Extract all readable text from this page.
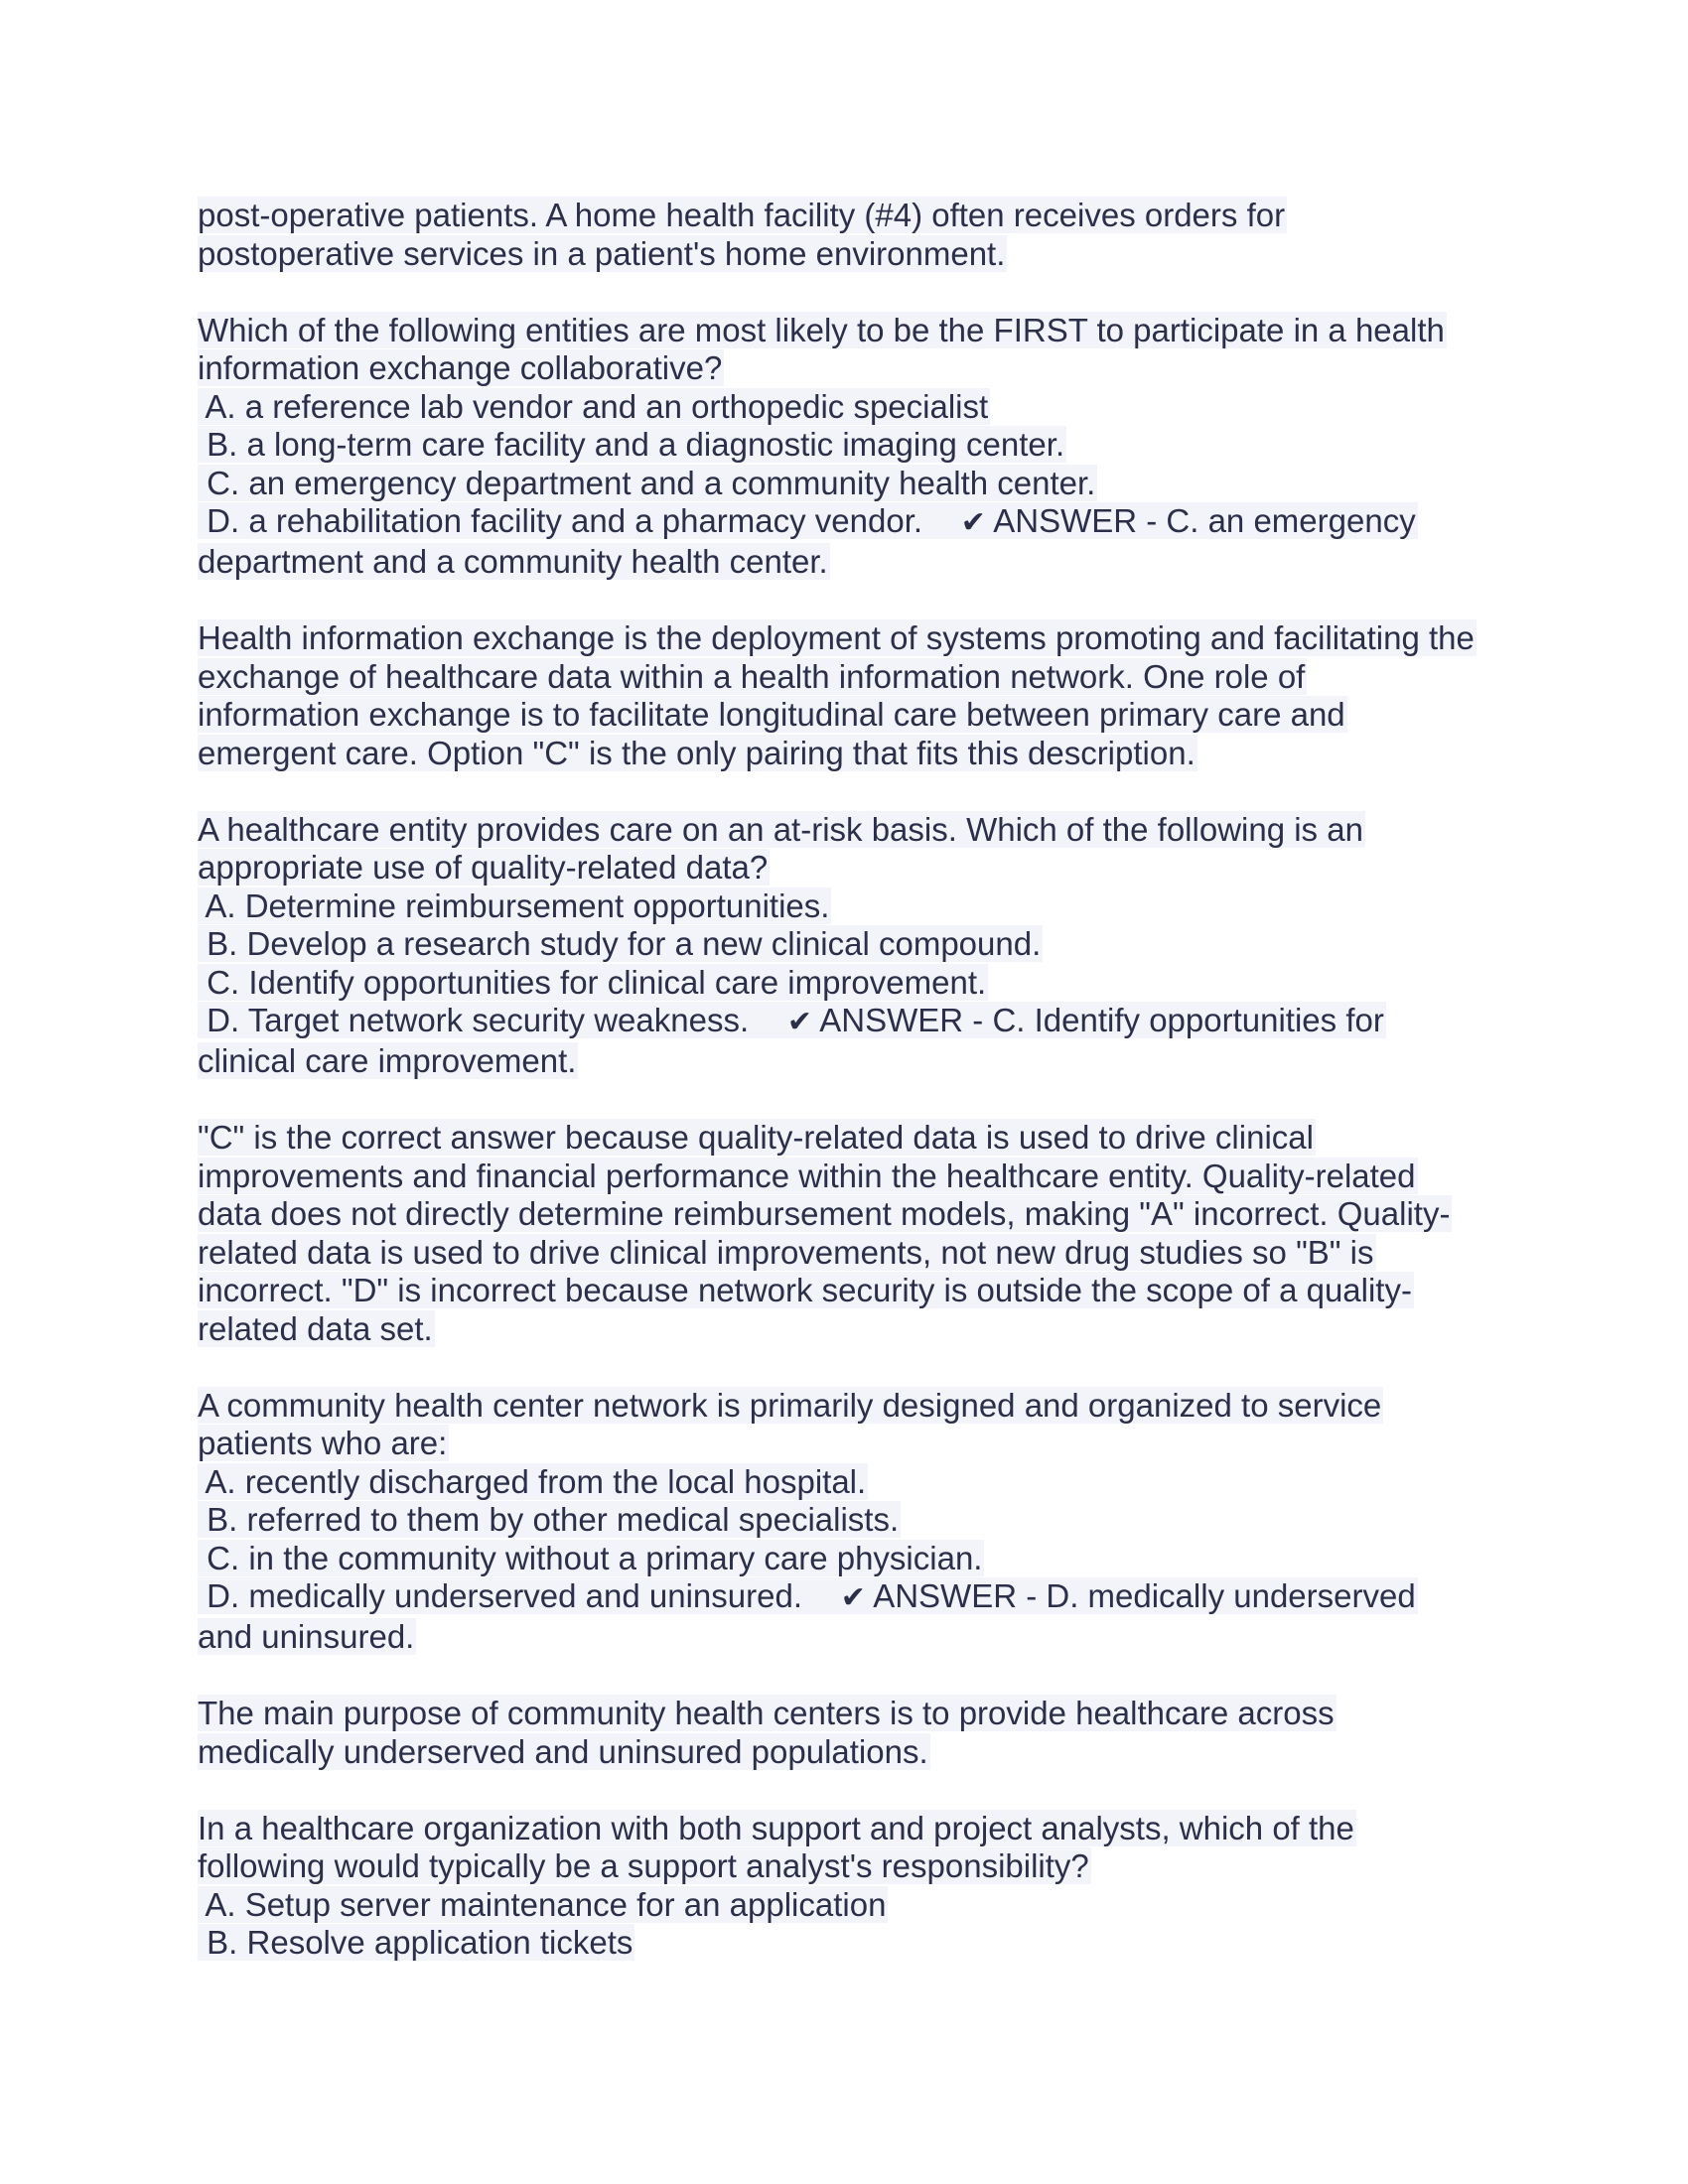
post-operative patients. A home health facility (#4) often receives orders for
postoperative services in a patient's home environment.
Which of the following entities are most likely to be the FIRST to participate in a health
information exchange collaborative?
A. a reference lab vendor and an orthopedic specialist
B. a long-term care facility and a diagnostic imaging center.
C. an emergency department and a community health center.
D. a rehabilitation facility and a pharmacy vendor. ✔ ANSWER - C. an emergency
department and a community health center.
Health information exchange is the deployment of systems promoting and facilitating the
exchange of healthcare data within a health information network. One role of
information exchange is to facilitate longitudinal care between primary care and
emergent care. Option "C" is the only pairing that fits this description.
A healthcare entity provides care on an at-risk basis. Which of the following is an
appropriate use of quality-related data?
A. Determine reimbursement opportunities.
B. Develop a research study for a new clinical compound.
C. Identify opportunities for clinical care improvement.
D. Target network security weakness. ✔ ANSWER - C. Identify opportunities for
clinical care improvement.
"C" is the correct answer because quality-related data is used to drive clinical
improvements and financial performance within the healthcare entity. Quality-related
data does not directly determine reimbursement models, making "A" incorrect. Quality-
related data is used to drive clinical improvements, not new drug studies so "B" is
incorrect. "D" is incorrect because network security is outside the scope of a quality-
related data set.
A community health center network is primarily designed and organized to service
patients who are:
A. recently discharged from the local hospital.
B. referred to them by other medical specialists.
C. in the community without a primary care physician.
D. medically underserved and uninsured. ✔ ANSWER - D. medically underserved
and uninsured.
The main purpose of community health centers is to provide healthcare across
medically underserved and uninsured populations.
In a healthcare organization with both support and project analysts, which of the
following would typically be a support analyst's responsibility?
A. Setup server maintenance for an application
B. Resolve application tickets
